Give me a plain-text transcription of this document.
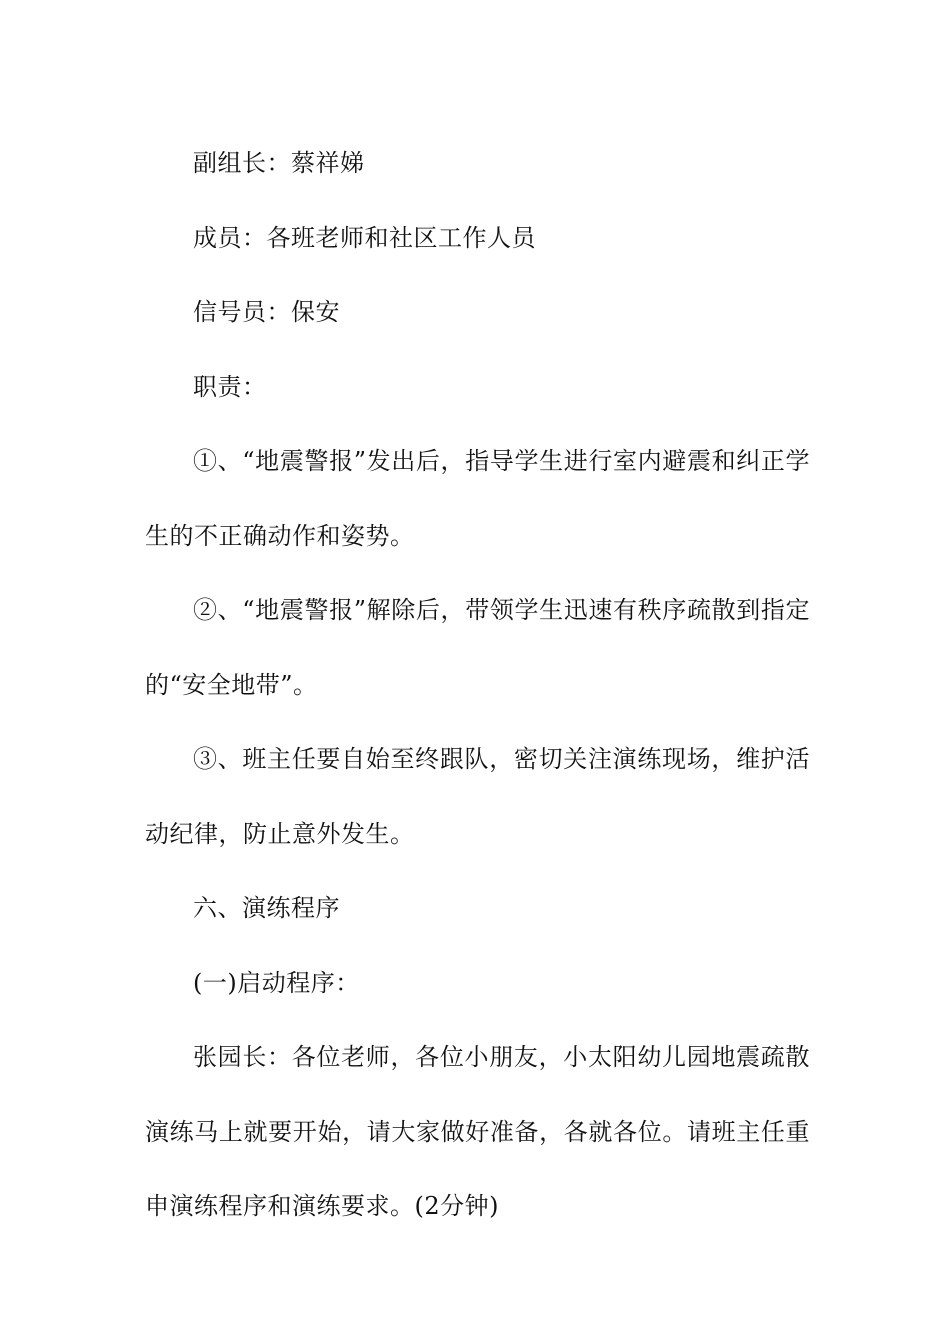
副组长：蔡祥娣

成员：各班老师和社区工作人员

信号员：保安

职责：

①、“地震警报”发出后，指导学生进行室内避震和纠正学生的不正确动作和姿势。

②、“地震警报”解除后，带领学生迅速有秩序疏散到指定的“安全地带”。

③、班主任要自始至终跟队，密切关注演练现场，维护活动纪律，防止意外发生。

六、演练程序

(一)启动程序：

张园长：各位老师，各位小朋友，小太阳幼儿园地震疏散演练马上就要开始，请大家做好准备，各就各位。请班主任重申演练程序和演练要求。(2分钟)
